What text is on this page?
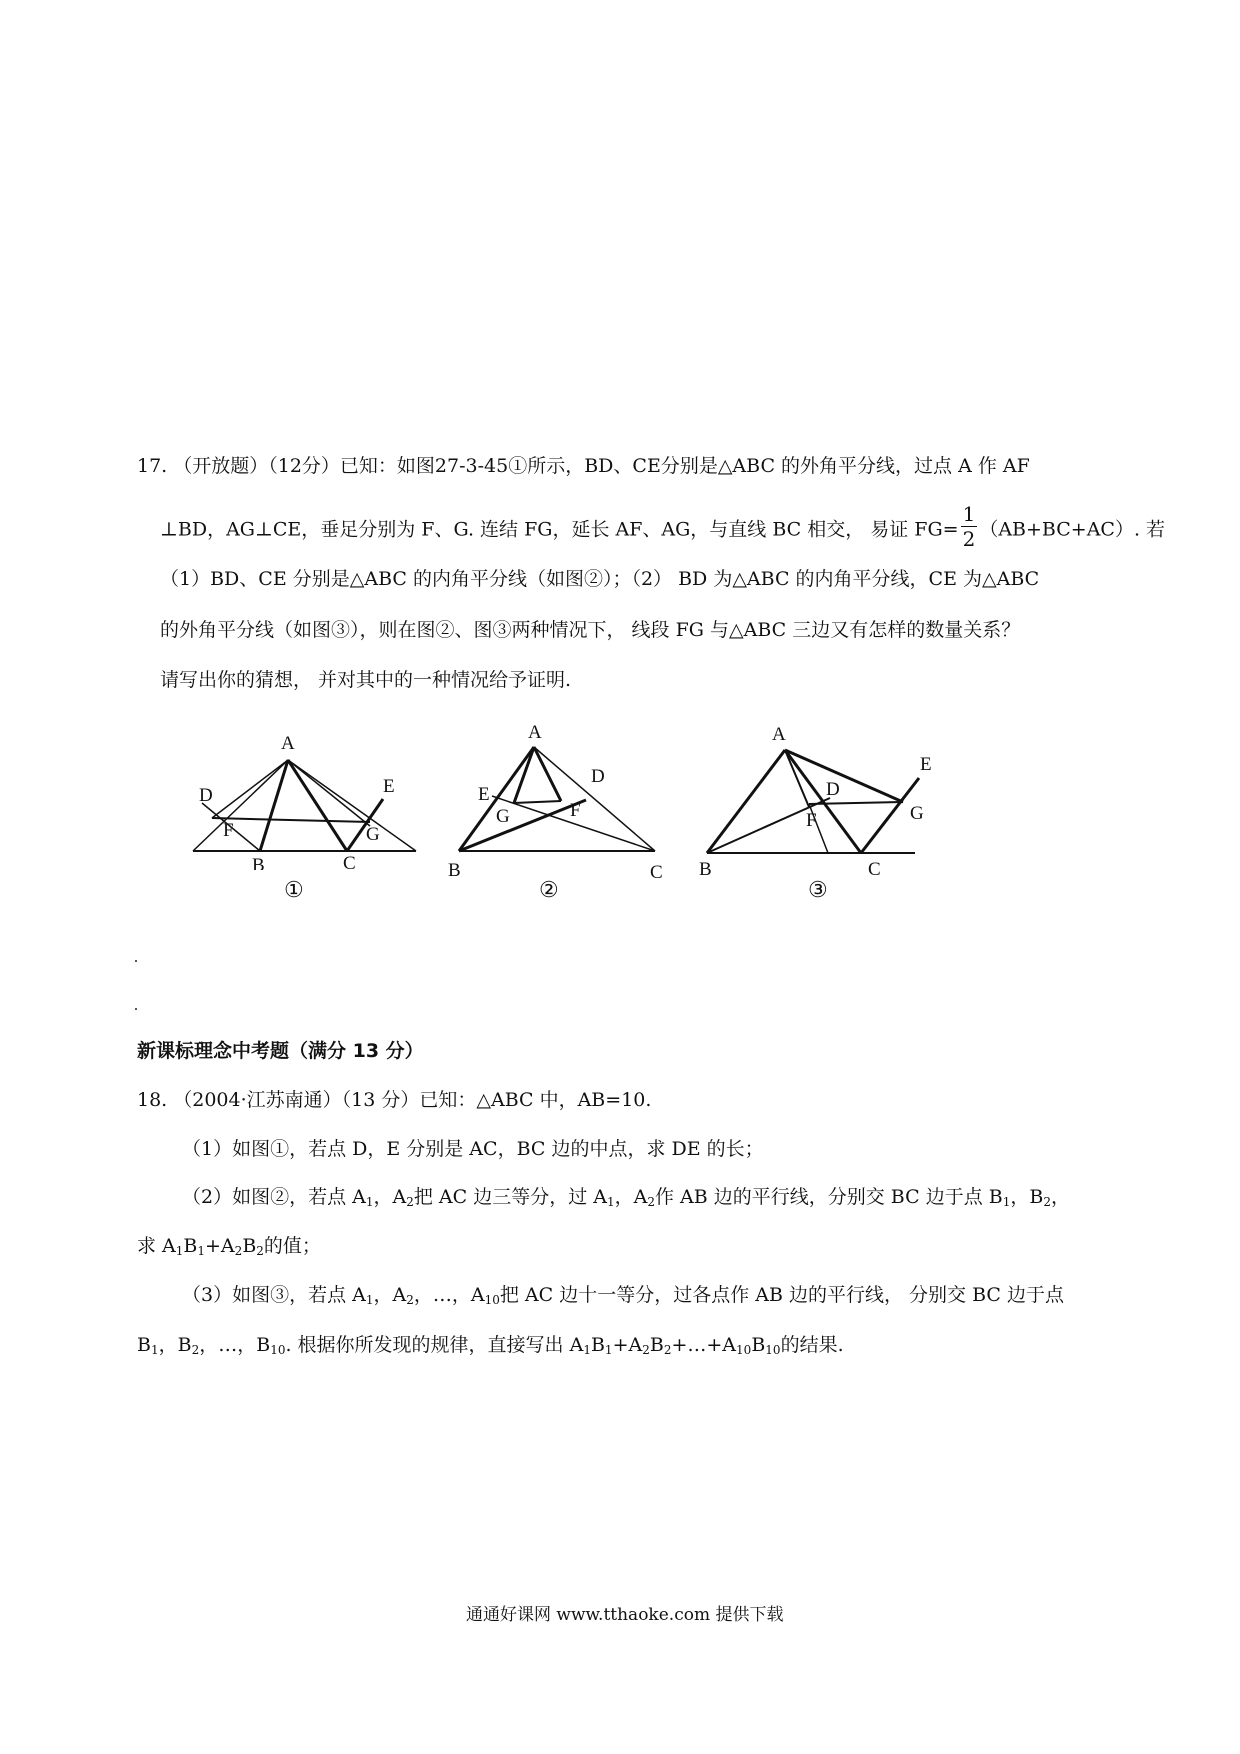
17. （开放题）（12分）已知：如图27-3-45①所示，BD、CE分别是△ABC 的外角平分线，过点 A 作 AF
⊥BD，AG⊥CE，垂足分别为 F、G. 连结 FG，延长 AF、AG，与直线 BC 相交， 易证 $FG= \frac{1}{2} (AB+BC+AC)$. 若
（1）BD、CE 分别是△ABC 的内角平分线（如图②）；（2） BD 为△ABC 的内角平分线，CE 为△ABC
的外角平分线（如图③），则在图②、图③两种情况下， 线段 FG 与△ABC 三边又有怎样的数量关系？
请写出你的猜想， 并对其中的一种情况给予证明.
A
B	C
D	E
F	G
①
A
B	C
D
E
F
G
②
A
B	C
D
E
F	G
③
新课标理念中考题（满分 13 分）
18. （2004·江苏南通）（13 分）已知：△ABC 中，AB=10.
（1）如图①，若点 D，E 分别是 AC，BC 边的中点，求 DE 的长；
（2）如图②，若点 $A_1$，$A_2$把 AC 边三等分，过 $A_1$，$A_2$作 AB 边的平行线，分别交 BC 边于点 $B_1$，$B_2$，
求 $A_1B_1+A_2B_2$的值；
（3）如图③，若点 $A_1$，$A_2$，…，$A_{10}$把 AC 边十一等分，过各点作 AB 边的平行线， 分别交 BC 边于点
$B_1$，$B_2$，…，$B_{10}$. 根据你所发现的规律，直接写出 $A_1B_1+A_2B_2+\dots+A_{10}B_{10}$的结果.
通通好课网 www.tthaoke.com 提供下载
